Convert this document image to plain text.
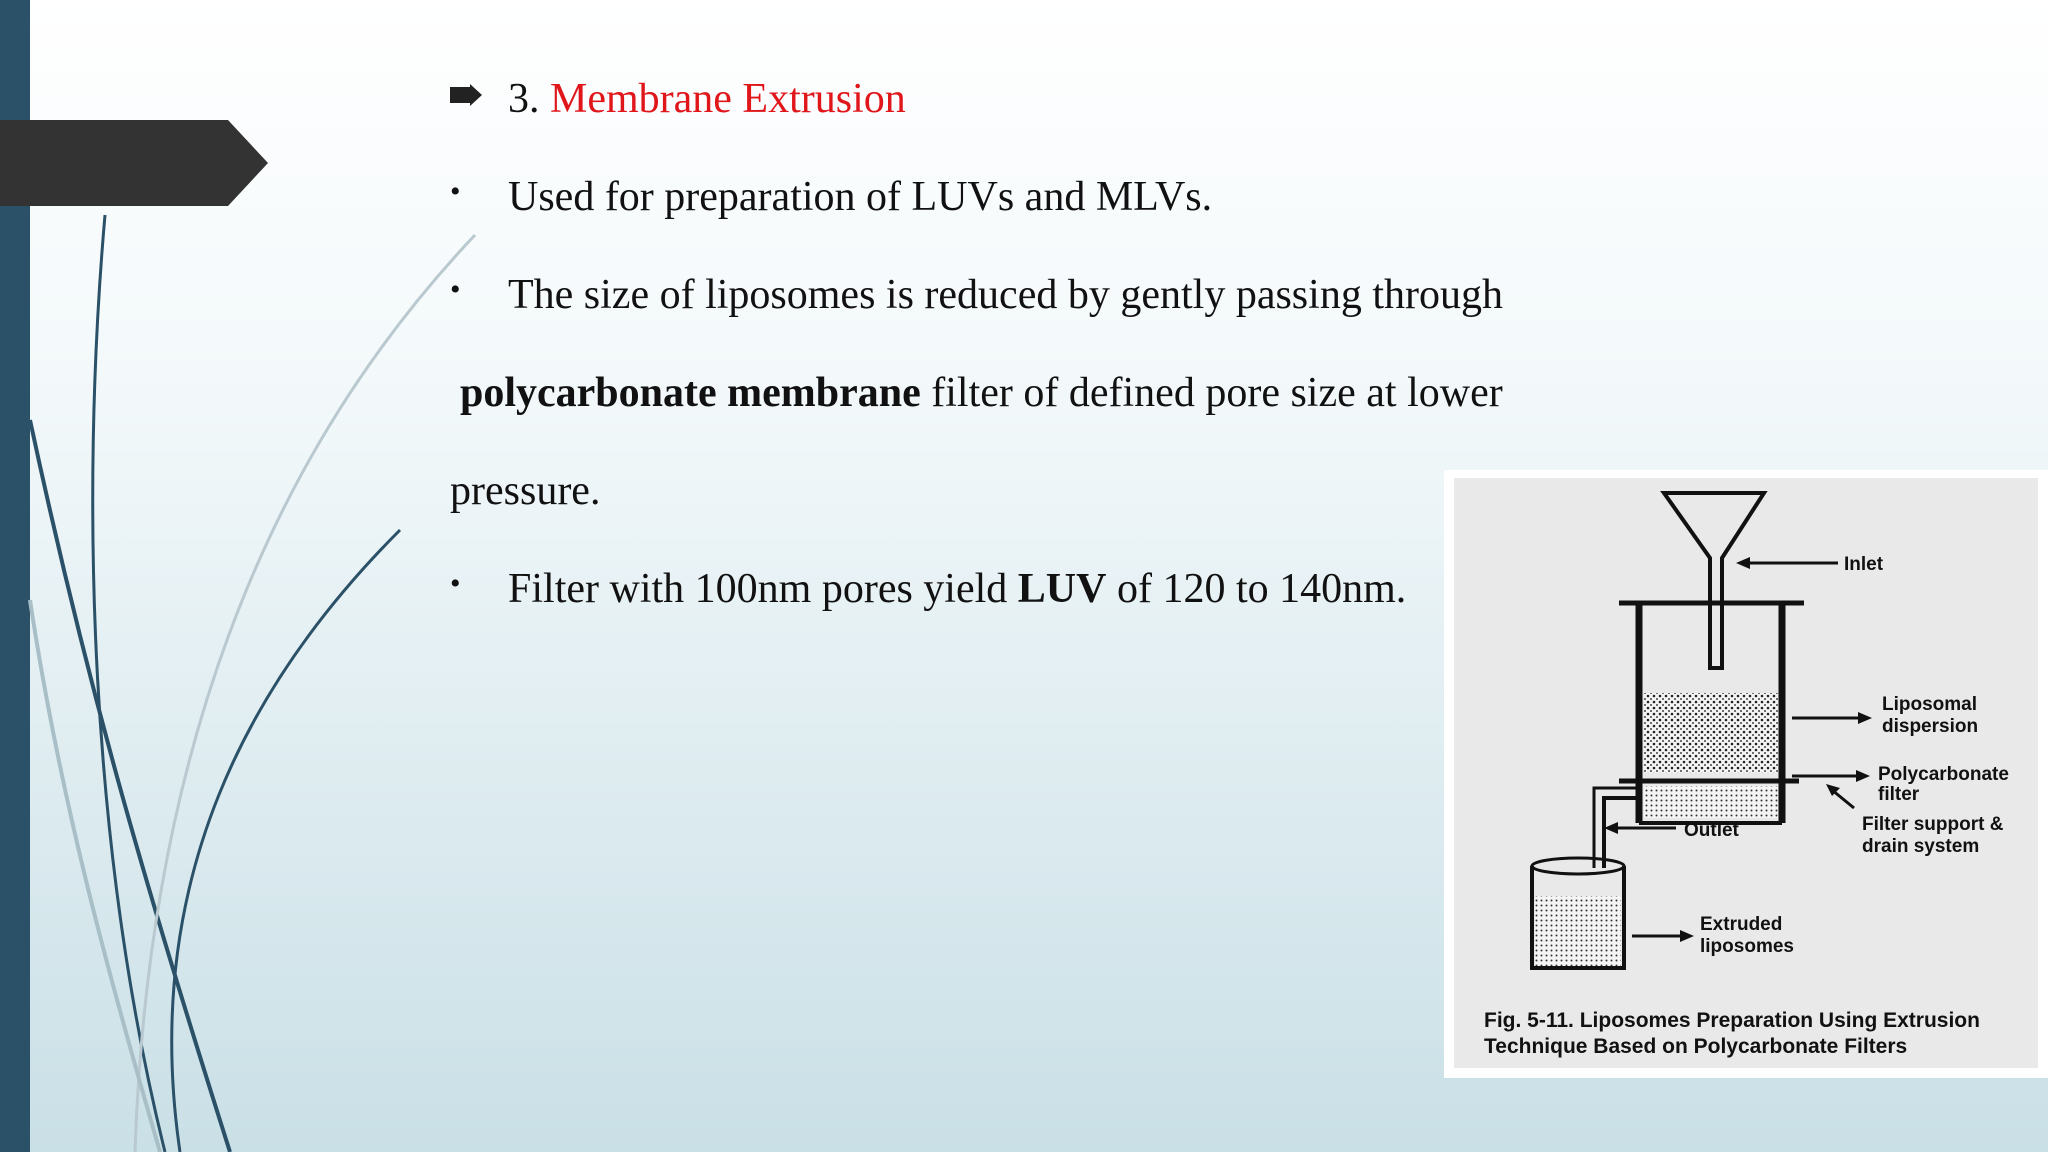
3. Membrane Extrusion
• Used for preparation of LUVs and MLVs.
• The size of liposomes is reduced by gently passing through
polycarbonate membrane filter of defined pore size at lower
pressure.
• Filter with 100nm pores yield LUV of 120 to 140nm.
Inlet
Liposomal
dispersion
Polycarbonate
filter
Filter support &
drain system
Outlet
Extruded
liposomes
Fig. 5-11. Liposomes Preparation Using Extrusion
Technique Based on Polycarbonate Filters
